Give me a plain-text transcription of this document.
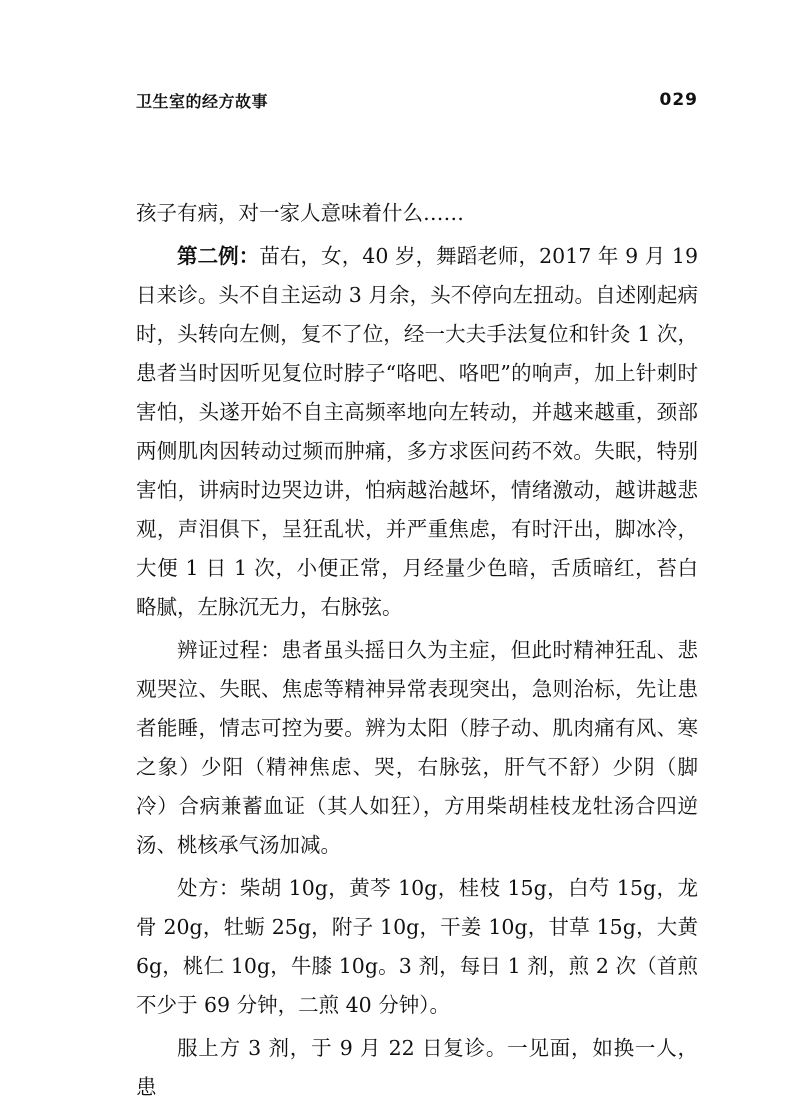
卫生室的经方故事	029

孩子有病，对一家人意味着什么……

第二例：苗右，女，40 岁，舞蹈老师，2017 年 9 月 19 日来诊。头不自主运动 3 月余，头不停向左扭动。自述刚起病时，头转向左侧，复不了位，经一大夫手法复位和针灸 1 次，患者当时因听见复位时脖子“咯吧、咯吧”的响声，加上针刺时害怕，头遂开始不自主高频率地向左转动，并越来越重，颈部两侧肌肉因转动过频而肿痛，多方求医问药不效。失眠，特别害怕，讲病时边哭边讲，怕病越治越坏，情绪激动，越讲越悲观，声泪俱下，呈狂乱状，并严重焦虑，有时汗出，脚冰冷，大便 1 日 1 次，小便正常，月经量少色暗，舌质暗红，苔白略腻，左脉沉无力，右脉弦。

辨证过程：患者虽头摇日久为主症，但此时精神狂乱、悲观哭泣、失眠、焦虑等精神异常表现突出，急则治标，先让患者能睡，情志可控为要。辨为太阳（脖子动、肌肉痛有风、寒之象）少阳（精神焦虑、哭，右脉弦，肝气不舒）少阴（脚冷）合病兼蓄血证（其人如狂），方用柴胡桂枝龙牡汤合四逆汤、桃核承气汤加减。

处方：柴胡 10g，黄芩 10g，桂枝 15g，白芍 15g，龙骨 20g，牡蛎 25g，附子 10g，干姜 10g，甘草 15g，大黄 6g，桃仁 10g，牛膝 10g。3 剂，每日 1 剂，煎 2 次（首煎不少于 69 分钟，二煎 40 分钟）。

服上方 3 剂，于 9 月 22 日复诊。一见面，如换一人，患
